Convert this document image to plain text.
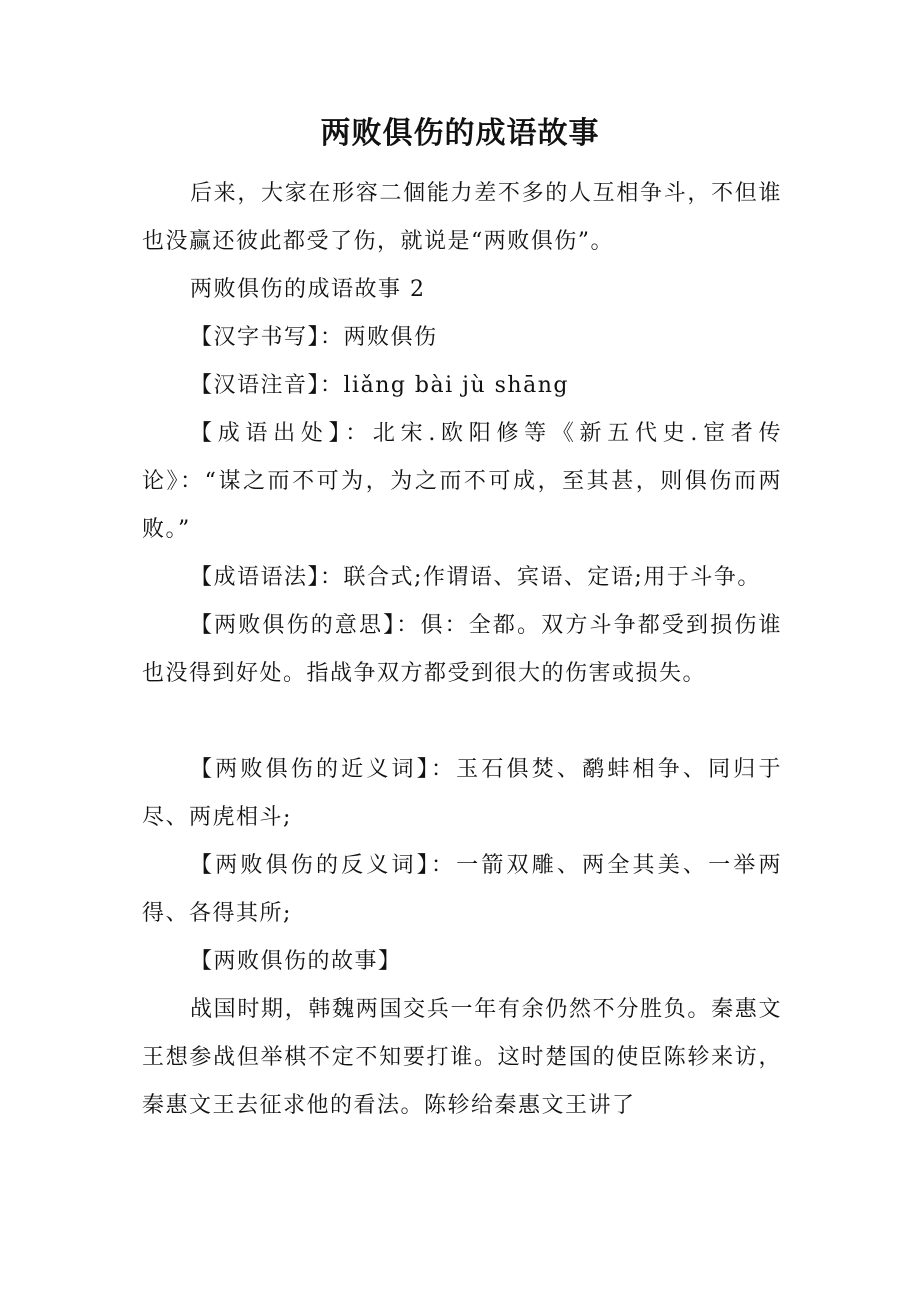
两败俱伤的成语故事

后来，大家在形容二個能力差不多的人互相争斗，不但谁也没赢还彼此都受了伤，就说是“两败俱伤”。

两败俱伤的成语故事 2

【汉字书写】：两败俱伤

【汉语注音】：liǎng bài jù shāng

【成语出处】：北宋.欧阳修等《新五代史.宦者传论》：“谋之而不可为，为之而不可成，至其甚，则俱伤而两败。”

【成语语法】：联合式;作谓语、宾语、定语;用于斗争。

【两败俱伤的意思】：俱：全都。双方斗争都受到损伤谁也没得到好处。指战争双方都受到很大的伤害或损失。

【两败俱伤的近义词】：玉石俱焚、鹬蚌相争、同归于尽、两虎相斗;

【两败俱伤的反义词】：一箭双雕、两全其美、一举两得、各得其所;

【两败俱伤的故事】

战国时期，韩魏两国交兵一年有余仍然不分胜负。秦惠文王想参战但举棋不定不知要打谁。这时楚国的使臣陈轸来访，秦惠文王去征求他的看法。陈轸给秦惠文王讲了
